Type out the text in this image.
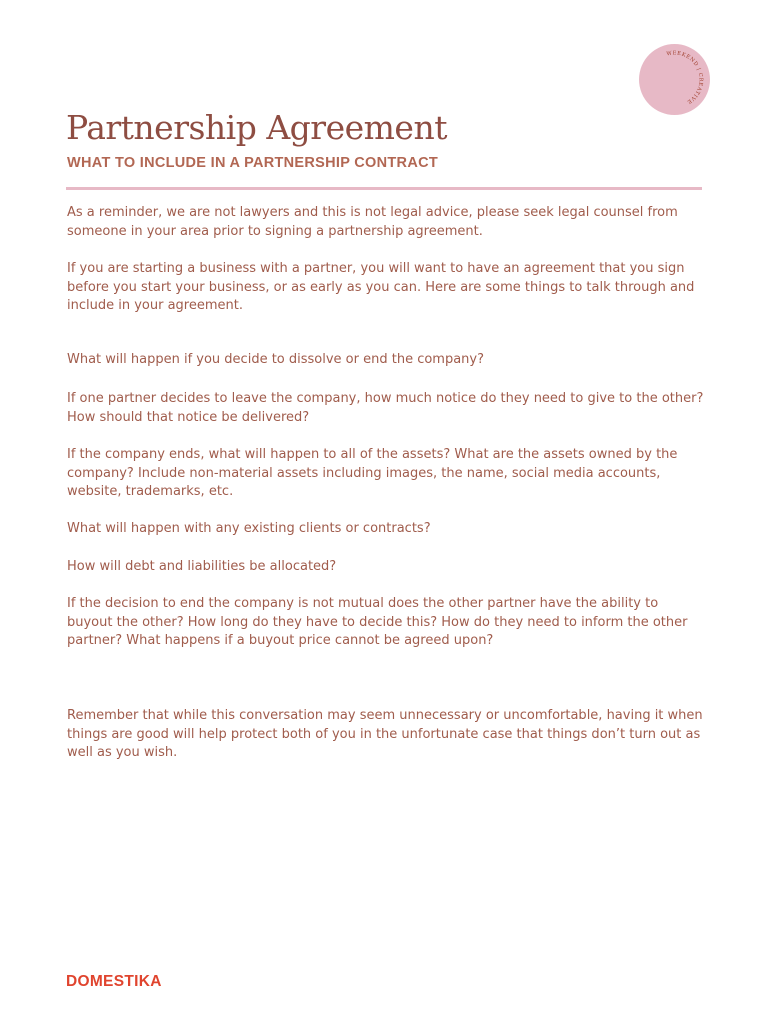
WEEKEND | CREATIVE
Partnership Agreement
WHAT TO INCLUDE IN A PARTNERSHIP CONTRACT

As a reminder, we are not lawyers and this is not legal advice, please seek legal counsel from someone in your area prior to signing a partnership agreement.

If you are starting a business with a partner, you will want to have an agreement that you sign before you start your business, or as early as you can. Here are some things to talk through and include in your agreement.

What will happen if you decide to dissolve or end the company?

If one partner decides to leave the company, how much notice do they need to give to the other? How should that notice be delivered?

If the company ends, what will happen to all of the assets? What are the assets owned by the company? Include non-material assets including images, the name, social media accounts, website, trademarks, etc.

What will happen with any existing clients or contracts?

How will debt and liabilities be allocated?

If the decision to end the company is not mutual does the other partner have the ability to buyout the other? How long do they have to decide this? How do they need to inform the other partner? What happens if a buyout price cannot be agreed upon?

Remember that while this conversation may seem unnecessary or uncomfortable, having it when things are good will help protect both of you in the unfortunate case that things don’t turn out as well as you wish.

DOMESTIKA
